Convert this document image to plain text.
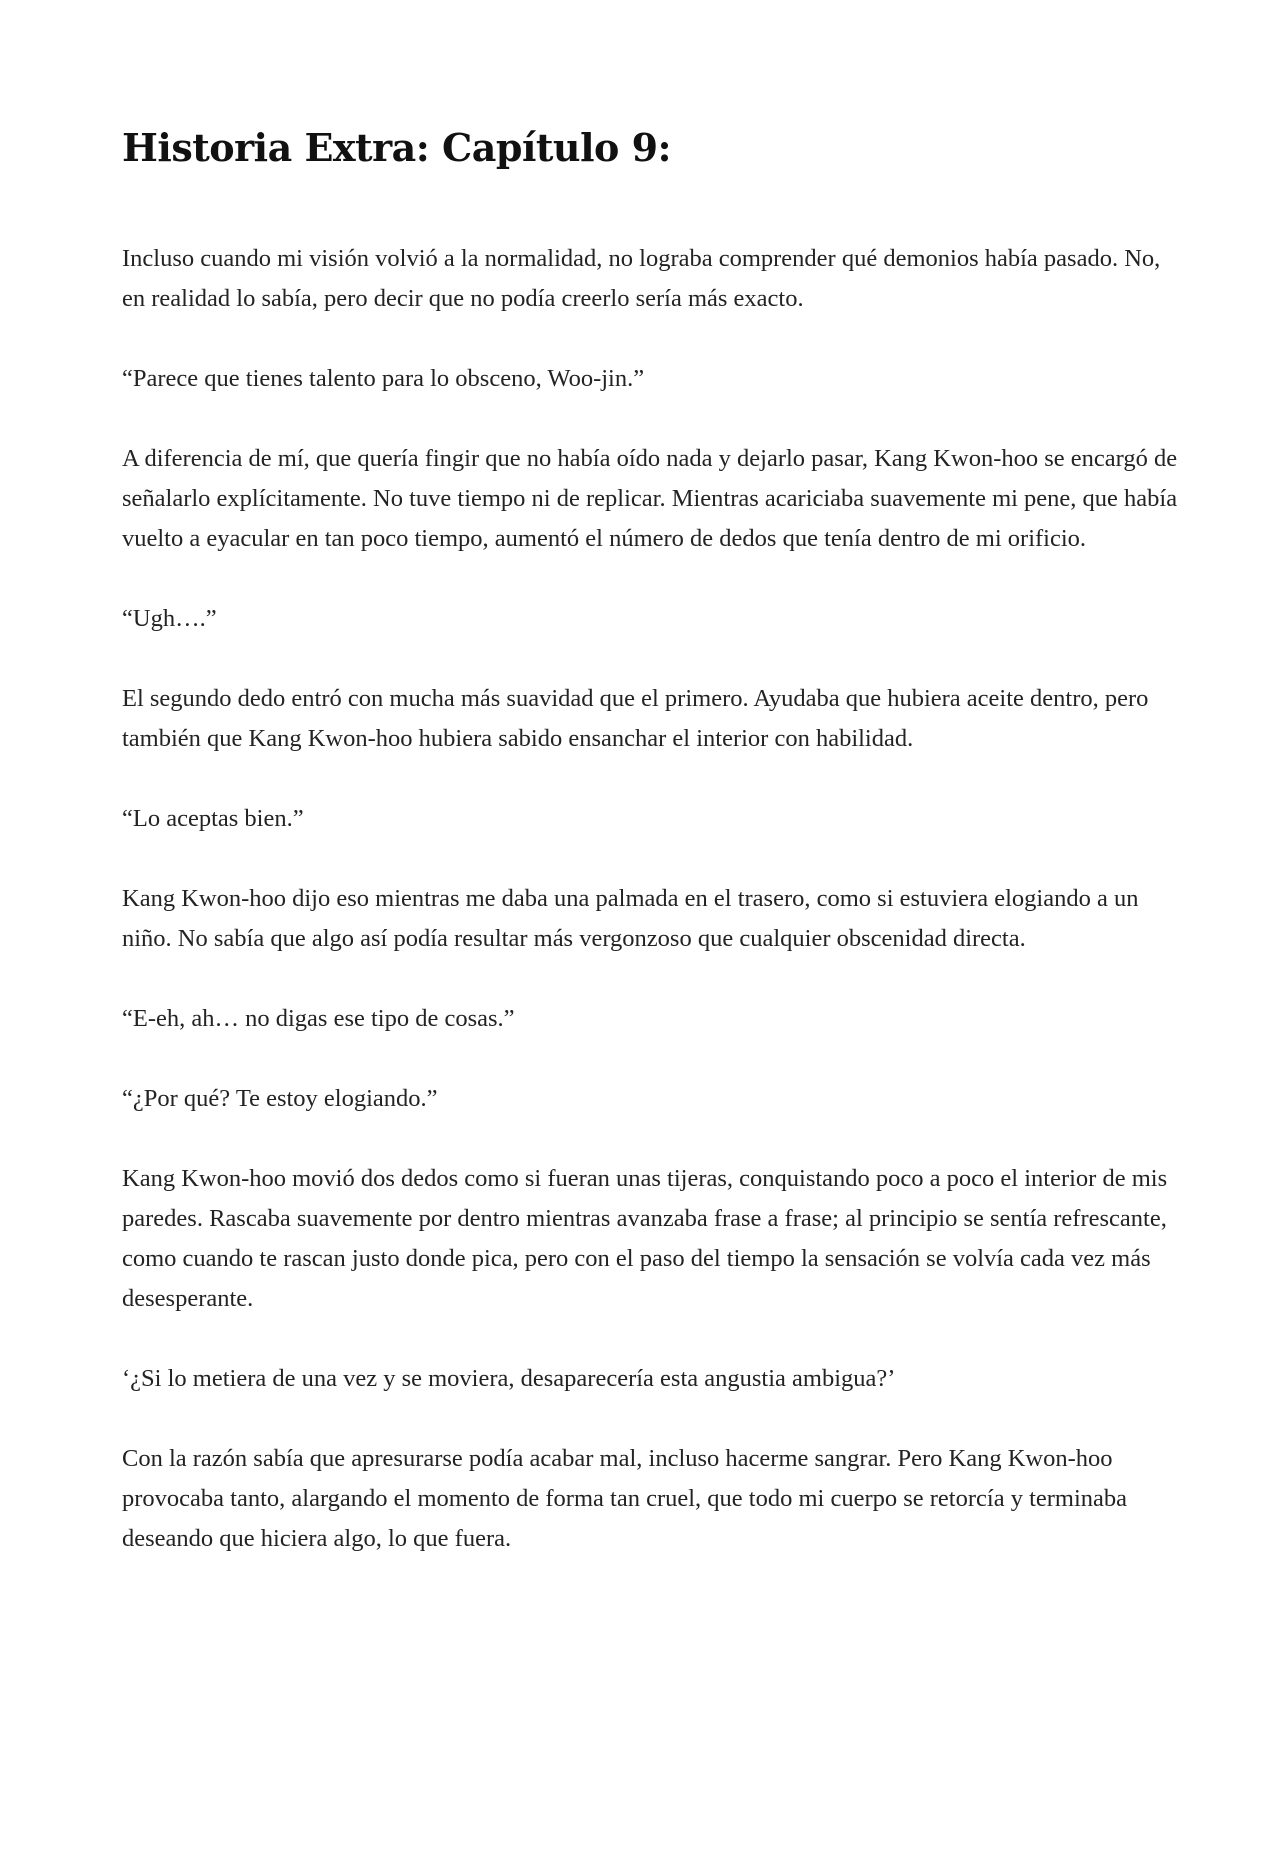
Historia Extra: Capítulo 9:

Incluso cuando mi visión volvió a la normalidad, no lograba comprender qué demonios había pasado. No, en realidad lo sabía, pero decir que no podía creerlo sería más exacto.

“Parece que tienes talento para lo obsceno, Woo-jin.”

A diferencia de mí, que quería fingir que no había oído nada y dejarlo pasar, Kang Kwon-hoo se encargó de señalarlo explícitamente. No tuve tiempo ni de replicar. Mientras acariciaba suavemente mi pene, que había vuelto a eyacular en tan poco tiempo, aumentó el número de dedos que tenía dentro de mi orificio.

“Ugh….”

El segundo dedo entró con mucha más suavidad que el primero. Ayudaba que hubiera aceite dentro, pero también que Kang Kwon-hoo hubiera sabido ensanchar el interior con habilidad.

“Lo aceptas bien.”

Kang Kwon-hoo dijo eso mientras me daba una palmada en el trasero, como si estuviera elogiando a un niño. No sabía que algo así podía resultar más vergonzoso que cualquier obscenidad directa.

“E-eh, ah… no digas ese tipo de cosas.”

“¿Por qué? Te estoy elogiando.”

Kang Kwon-hoo movió dos dedos como si fueran unas tijeras, conquistando poco a poco el interior de mis paredes. Rascaba suavemente por dentro mientras avanzaba frase a frase; al principio se sentía refrescante, como cuando te rascan justo donde pica, pero con el paso del tiempo la sensación se volvía cada vez más desesperante.

‘¿Si lo metiera de una vez y se moviera, desaparecería esta angustia ambigua?’

Con la razón sabía que apresurarse podía acabar mal, incluso hacerme sangrar. Pero Kang Kwon-hoo provocaba tanto, alargando el momento de forma tan cruel, que todo mi cuerpo se retorcía y terminaba deseando que hiciera algo, lo que fuera.
